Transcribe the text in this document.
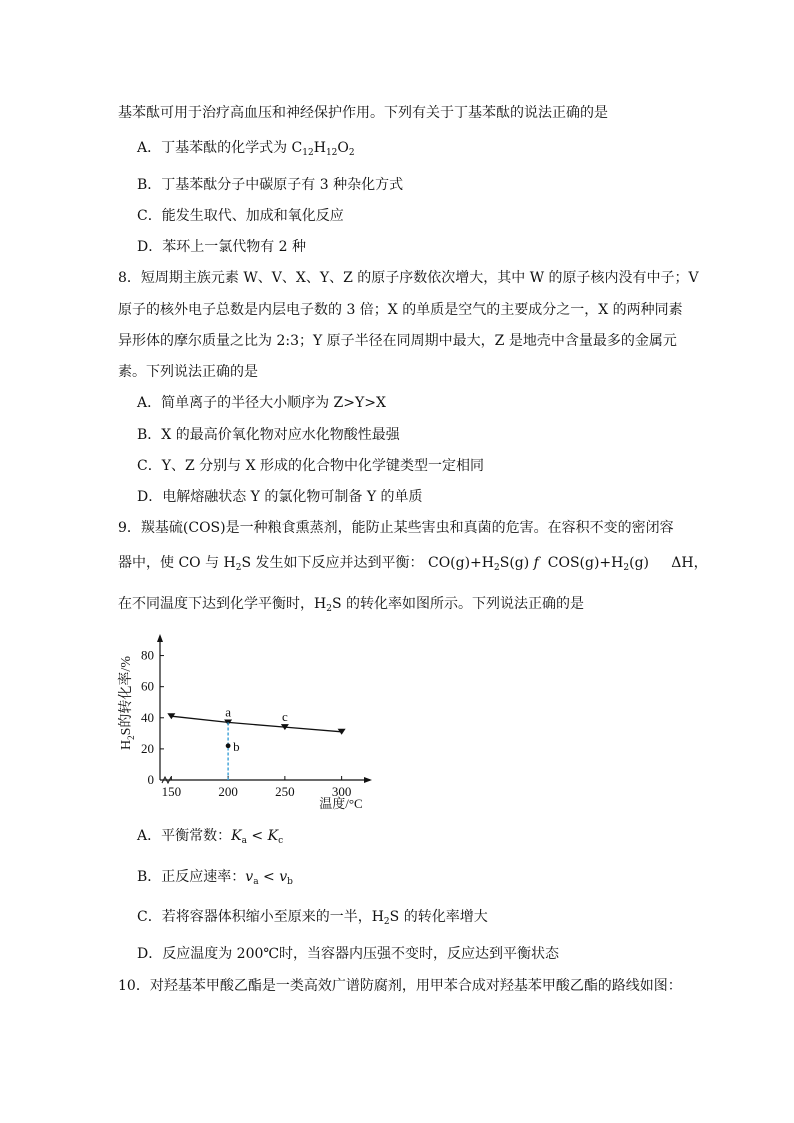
基苯酞可用于治疗高血压和神经保护作用。下列有关于丁基苯酞的说法正确的是
A．丁基苯酞的化学式为 $C_{12}H_{12}O_2$
B．丁基苯酞分子中碳原子有 3 种杂化方式
C．能发生取代、加成和氧化反应
D．苯环上一氯代物有 2 种
8．短周期主族元素 W、V、X、Y、Z 的原子序数依次增大，其中 W 的原子核内没有中子；V
原子的核外电子总数是内层电子数的 3 倍；X 的单质是空气的主要成分之一，X 的两种同素
异形体的摩尔质量之比为 2:3；Y 原子半径在同周期中最大，Z 是地壳中含量最多的金属元
素。下列说法正确的是
A．简单离子的半径大小顺序为 Z>Y>X
B．X 的最高价氧化物对应水化物酸性最强
C．Y、Z 分别与 X 形成的化合物中化学键类型一定相同
D．电解熔融状态 Y 的氯化物可制备 Y 的单质
9．羰基硫(COS)是一种粮食熏蒸剂，能防止某些害虫和真菌的危害。在容积不变的密闭容
器中，使 CO 与 $H_2S$ 发生如下反应并达到平衡： $CO(g)+H_2S(g)$ f $COS(g)+H_2(g)$ ΔH，
在不同温度下达到化学平衡时，$H_2S$ 的转化率如图所示。下列说法正确的是
0
20
40
60
80
150	200	250	300
a
b
c
$H_2S$的转化率/%
温度/°C
A．平衡常数：$K_a < K_c$
B．正反应速率：$v_a < v_b$
C．若将容器体积缩小至原来的一半，$H_2S$ 的转化率增大
D．反应温度为 200℃时，当容器内压强不变时，反应达到平衡状态
10．对羟基苯甲酸乙酯是一类高效广谱防腐剂，用甲苯合成对羟基苯甲酸乙酯的路线如图：
